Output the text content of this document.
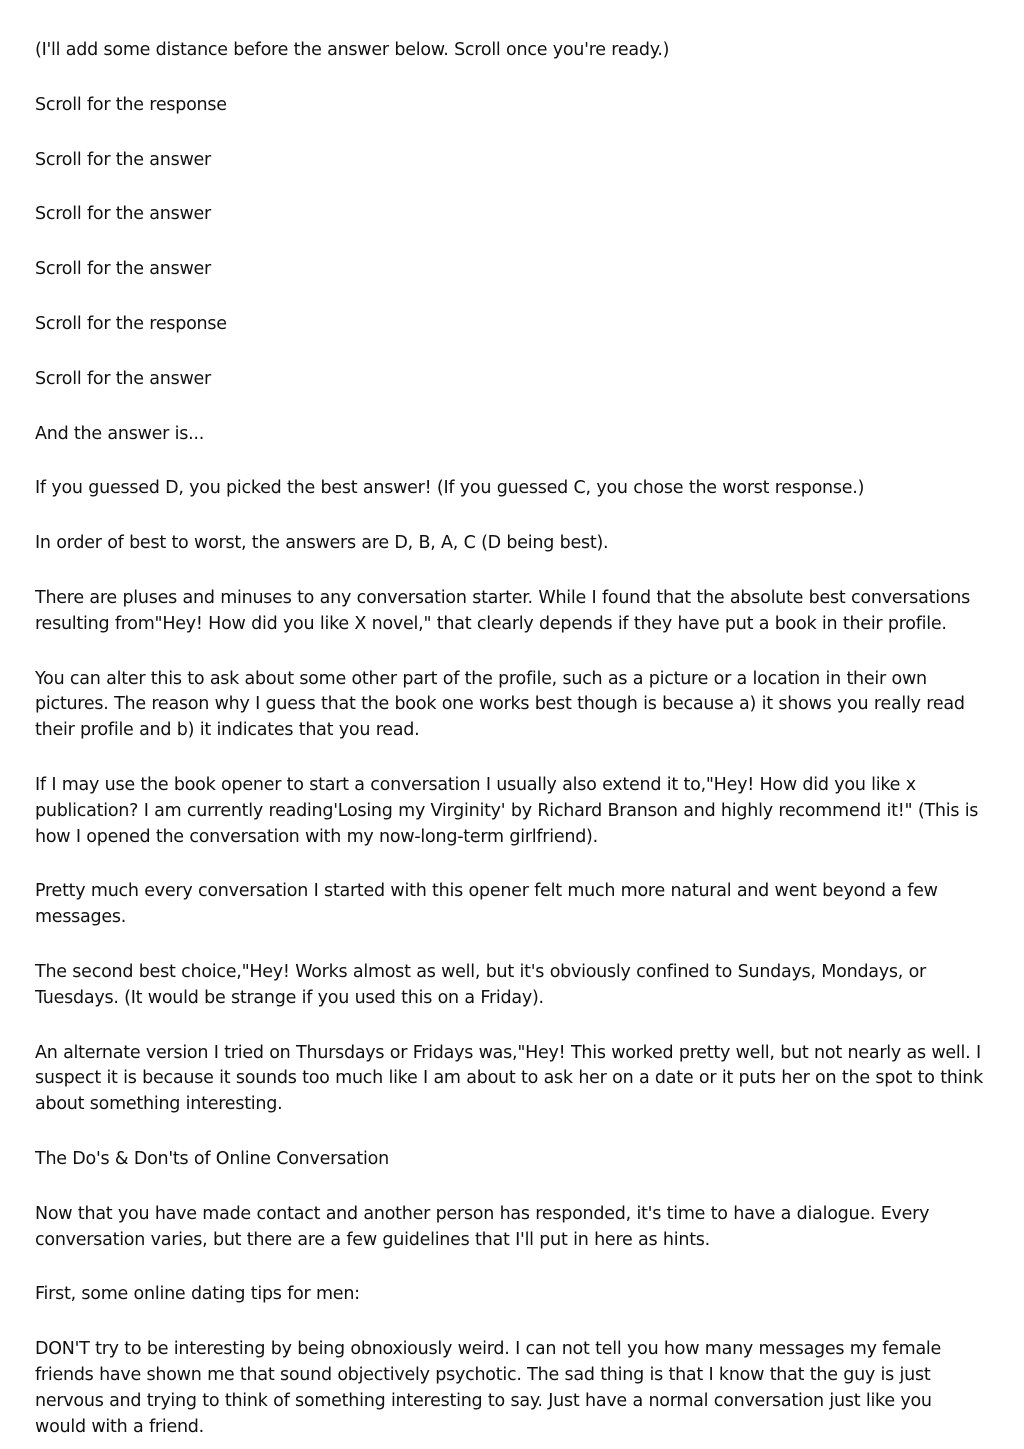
(I'll add some distance before the answer below. Scroll once you're ready.)

Scroll for the response

Scroll for the answer

Scroll for the answer

Scroll for the answer

Scroll for the response

Scroll for the answer

And the answer is...

If you guessed D, you picked the best answer! (If you guessed C, you chose the worst response.)

In order of best to worst, the answers are D, B, A, C (D being best).

There are pluses and minuses to any conversation starter. While I found that the absolute best conversations resulting from"Hey! How did you like X novel," that clearly depends if they have put a book in their profile.

You can alter this to ask about some other part of the profile, such as a picture or a location in their own pictures. The reason why I guess that the book one works best though is because a) it shows you really read their profile and b) it indicates that you read.

If I may use the book opener to start a conversation I usually also extend it to,"Hey! How did you like x publication? I am currently reading'Losing my Virginity' by Richard Branson and highly recommend it!" (This is how I opened the conversation with my now-long-term girlfriend).

Pretty much every conversation I started with this opener felt much more natural and went beyond a few messages.

The second best choice,"Hey! Works almost as well, but it's obviously confined to Sundays, Mondays, or Tuesdays. (It would be strange if you used this on a Friday).

An alternate version I tried on Thursdays or Fridays was,"Hey! This worked pretty well, but not nearly as well. I suspect it is because it sounds too much like I am about to ask her on a date or it puts her on the spot to think about something interesting.

The Do's & Don'ts of Online Conversation

Now that you have made contact and another person has responded, it's time to have a dialogue. Every conversation varies, but there are a few guidelines that I'll put in here as hints.

First, some online dating tips for men:

DON'T try to be interesting by being obnoxiously weird. I can not tell you how many messages my female friends have shown me that sound objectively psychotic. The sad thing is that I know that the guy is just nervous and trying to think of something interesting to say. Just have a normal conversation just like you would with a friend.
